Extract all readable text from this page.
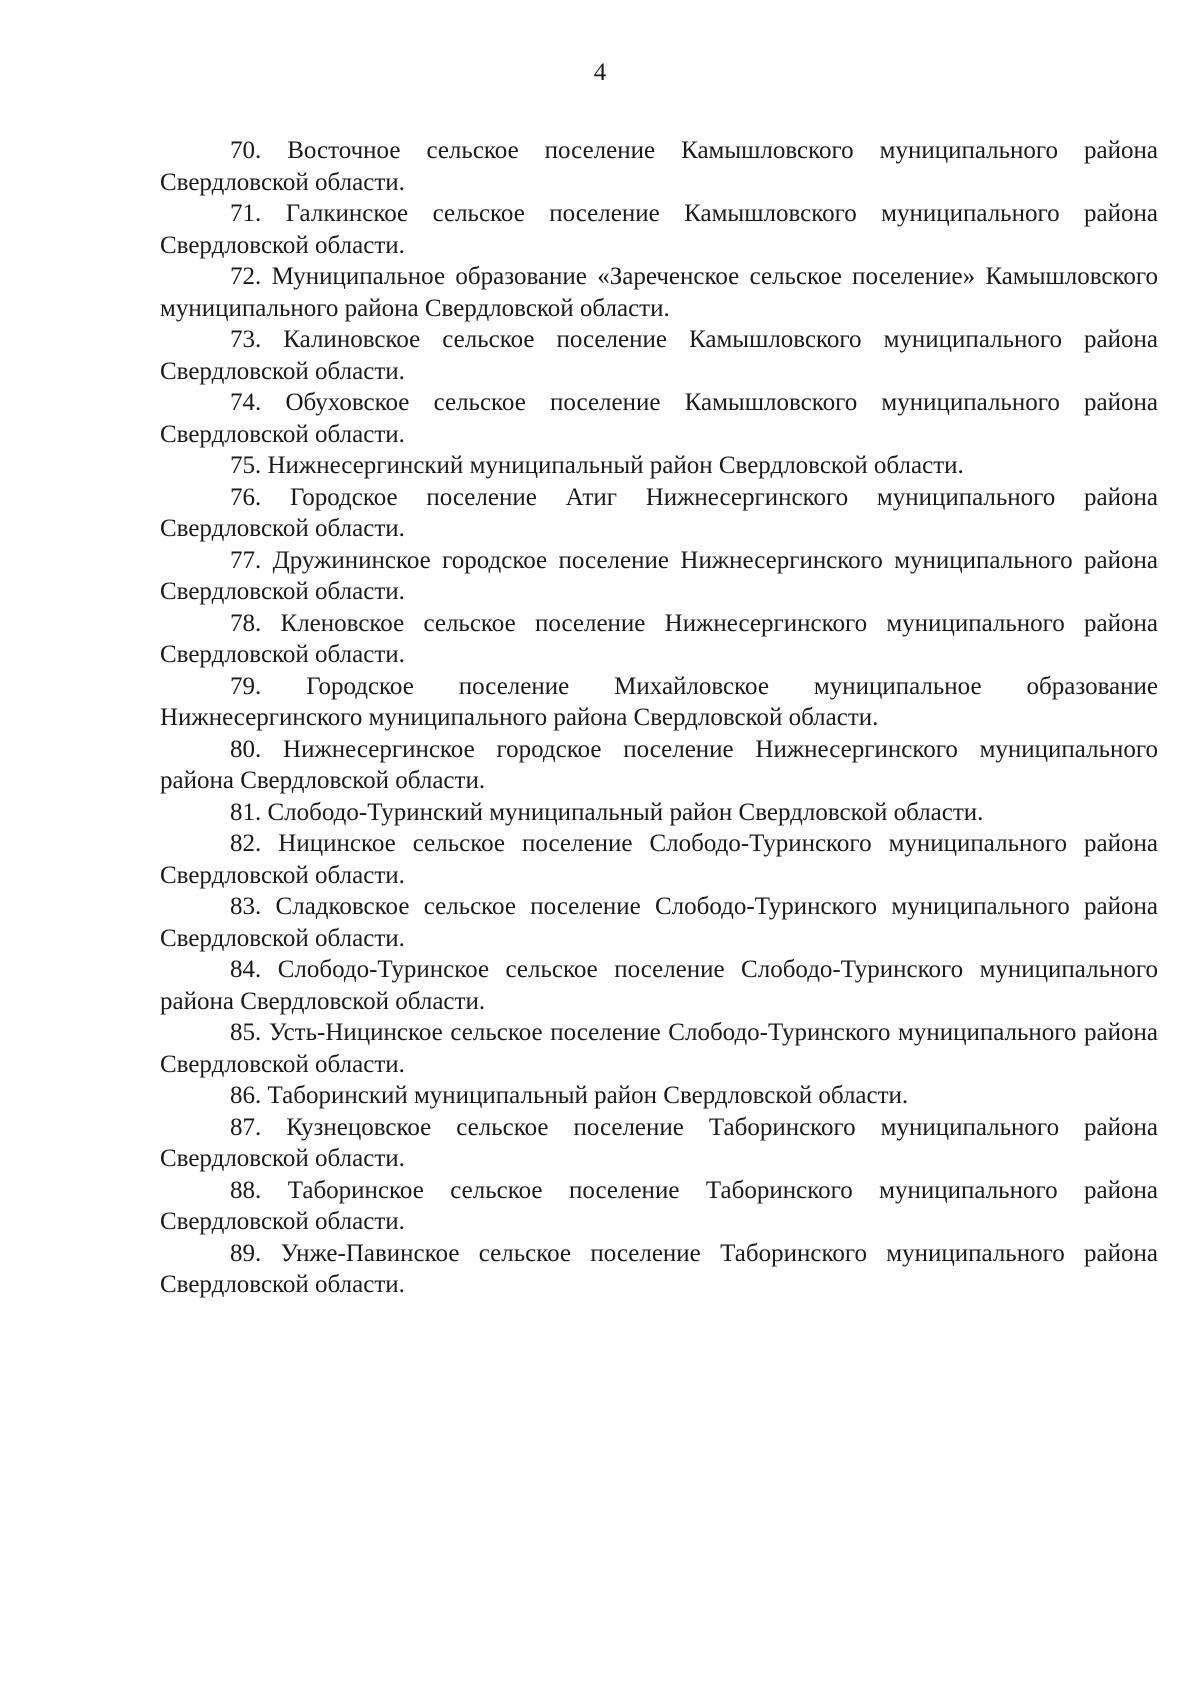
4

70. Восточное сельское поселение Камышловского муниципального района Свердловской области.

71. Галкинское сельское поселение Камышловского муниципального района Свердловской области.

72. Муниципальное образование «Зареченское сельское поселение» Камышловского муниципального района Свердловской области.

73. Калиновское сельское поселение Камышловского муниципального района Свердловской области.

74. Обуховское сельское поселение Камышловского муниципального района Свердловской области.

75. Нижнесергинский муниципальный район Свердловской области.

76. Городское поселение Атиг Нижнесергинского муниципального района Свердловской области.

77. Дружининское городское поселение Нижнесергинского муниципального района Свердловской области.

78. Кленовское сельское поселение Нижнесергинского муниципального района Свердловской области.

79. Городское поселение Михайловское муниципальное образование Нижнесергинского муниципального района Свердловской области.

80. Нижнесергинское городское поселение Нижнесергинского муниципального района Свердловской области.

81. Слободо-Туринский муниципальный район Свердловской области.

82. Ницинское сельское поселение Слободо-Туринского муниципального района Свердловской области.

83. Сладковское сельское поселение Слободо-Туринского муниципального района Свердловской области.

84. Слободо-Туринское сельское поселение Слободо-Туринского муниципального района Свердловской области.

85. Усть-Ницинское сельское поселение Слободо-Туринского муниципального района Свердловской области.

86. Таборинский муниципальный район Свердловской области.

87. Кузнецовское сельское поселение Таборинского муниципального района Свердловской области.

88. Таборинское сельское поселение Таборинского муниципального района Свердловской области.

89. Унже-Павинское сельское поселение Таборинского муниципального района Свердловской области.
